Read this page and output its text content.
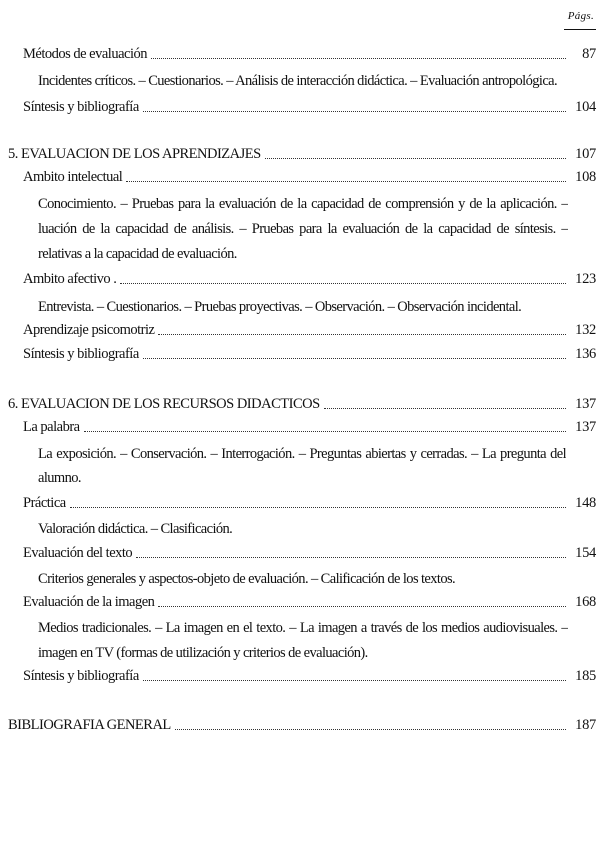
Págs.
Métodos de evaluación	87
Incidentes críticos. – Cuestionarios. – Análisis de interacción didáctica. – Evaluación antropológica.
Síntesis y bibliografía	104
5. EVALUACION DE LOS APRENDIZAJES	107
Ambito intelectual	108
Conocimiento. – Pruebas para la evaluación de la capacidad de comprensión y de la aplicación. –
luación de la capacidad de análisis. – Pruebas para la evaluación de la capacidad de síntesis. –
relativas a la capacidad de evaluación.
Ambito afectivo .	123
Entrevista. – Cuestionarios. – Pruebas proyectivas. – Observación. – Observación incidental.
Aprendizaje psicomotriz	132
Síntesis y bibliografía	136
6. EVALUACION DE LOS RECURSOS DIDACTICOS	137
La palabra	137
La exposición. – Conservación. – Interrogación. – Preguntas abiertas y cerradas. – La pregunta del
alumno.
Práctica	148
Valoración didáctica. – Clasificación.
Evaluación del texto	154
Criterios generales y aspectos-objeto de evaluación. – Calificación de los textos.
Evaluación de la imagen	168
Medios tradicionales. – La imagen en el texto. – La imagen a través de los medios audiovisuales. –
imagen en TV (formas de utilización y criterios de evaluación).
Síntesis y bibliografía	185
BIBLIOGRAFIA GENERAL	187
